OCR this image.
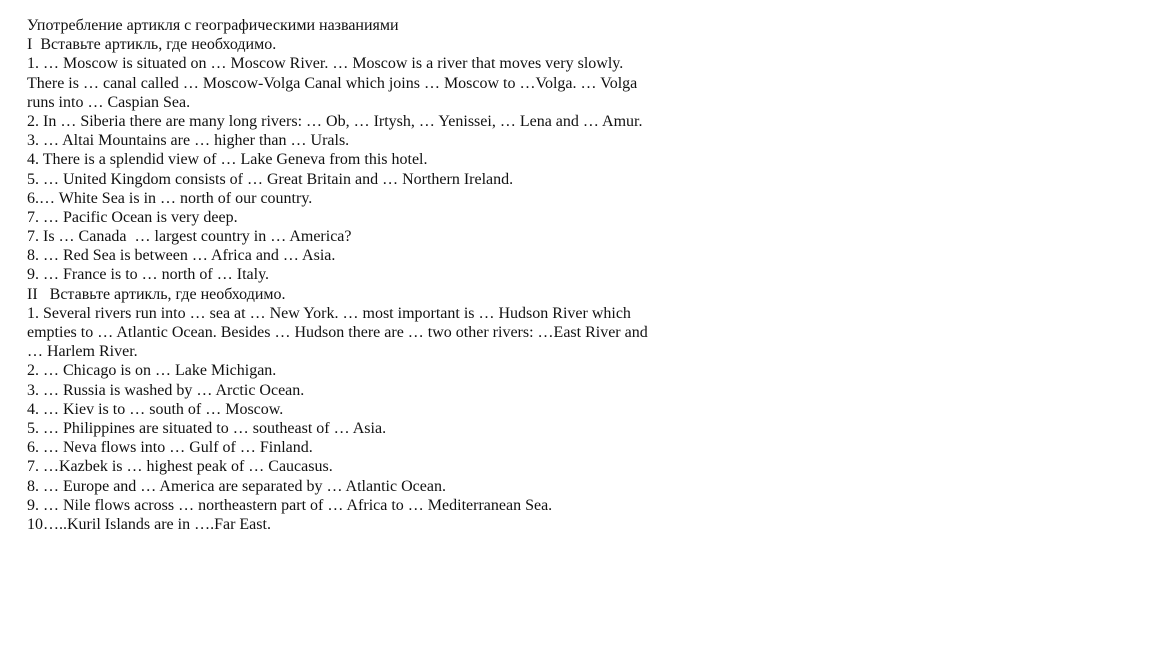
Употребление артикля с географическими названиями
I  Вставьте артикль, где необходимо.
1. … Moscow is situated on … Moscow River. … Moscow is a river that moves very slowly.
There is … canal called … Moscow-Volga Canal which joins … Moscow to …Volga. … Volga
runs into … Caspian Sea.
2. In … Siberia there are many long rivers: … Ob, … Irtysh, … Yenissei, … Lena and … Amur.
3. … Altai Mountains are … higher than … Urals.
4. There is a splendid view of … Lake Geneva from this hotel.
5. … United Kingdom consists of … Great Britain and … Northern Ireland.
6.… White Sea is in … north of our country.
7. … Pacific Ocean is very deep.
7. Is … Canada  … largest country in … America?
8. … Red Sea is between … Africa and … Asia.
9. … France is to … north of … Italy.
II   Вставьте артикль, где необходимо.
1. Several rivers run into … sea at … New York. … most important is … Hudson River which
empties to … Atlantic Ocean. Besides … Hudson there are … two other rivers: …East River and
… Harlem River.
2. … Chicago is on … Lake Michigan.
3. … Russia is washed by … Arctic Ocean.
4. … Kiev is to … south of … Moscow.
5. … Philippines are situated to … southeast of … Asia.
6. … Neva flows into … Gulf of … Finland.
7. …Kazbek is … highest peak of … Caucasus.
8. … Europe and … America are separated by … Atlantic Ocean.
9. … Nile flows across … northeastern part of … Africa to … Mediterranean Sea.
10…..Kuril Islands are in ….Far East.
